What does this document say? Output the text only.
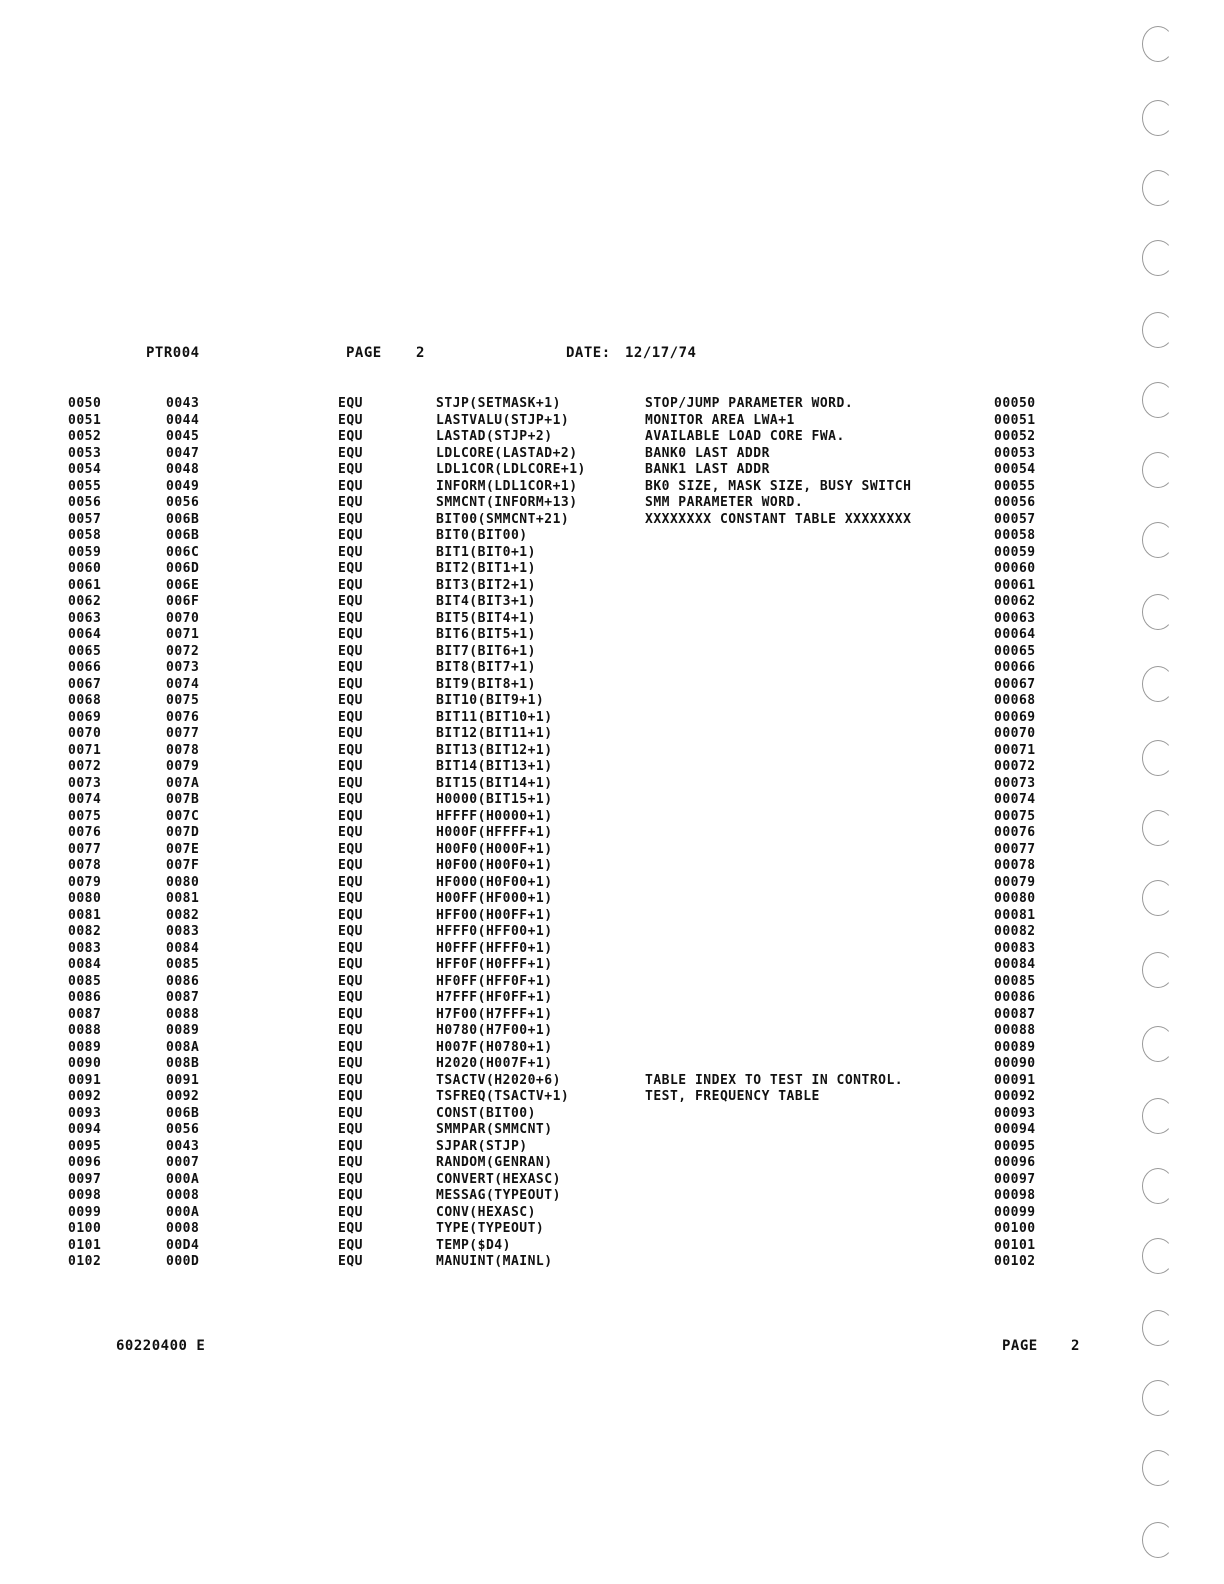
PTR004	PAGE 2	DATE: 12/17/74
0050	0043	EQU	STJP(SETMASK+1)	STOP/JUMP PARAMETER WORD.	00050
0051	0044	EQU	LASTVALU(STJP+1)	MONITOR AREA LWA+1	00051
0052	0045	EQU	LASTAD(STJP+2)	AVAILABLE LOAD CORE FWA.	00052
0053	0047	EQU	LDLCORE(LASTAD+2)	BANK0 LAST ADDR	00053
0054	0048	EQU	LDL1COR(LDLCORE+1)	BANK1 LAST ADDR	00054
0055	0049	EQU	INFORM(LDL1COR+1)	BK0 SIZE, MASK SIZE, BUSY SWITCH	00055
0056	0056	EQU	SMMCNT(INFORM+13)	SMM PARAMETER WORD.	00056
0057	006B	EQU	BIT00(SMMCNT+21)	XXXXXXXX CONSTANT TABLE XXXXXXXX	00057
0058	006B	EQU	BIT0(BIT00)	00058
0059	006C	EQU	BIT1(BIT0+1)	00059
0060	006D	EQU	BIT2(BIT1+1)	00060
0061	006E	EQU	BIT3(BIT2+1)	00061
0062	006F	EQU	BIT4(BIT3+1)	00062
0063	0070	EQU	BIT5(BIT4+1)	00063
0064	0071	EQU	BIT6(BIT5+1)	00064
0065	0072	EQU	BIT7(BIT6+1)	00065
0066	0073	EQU	BIT8(BIT7+1)	00066
0067	0074	EQU	BIT9(BIT8+1)	00067
0068	0075	EQU	BIT10(BIT9+1)	00068
0069	0076	EQU	BIT11(BIT10+1)	00069
0070	0077	EQU	BIT12(BIT11+1)	00070
0071	0078	EQU	BIT13(BIT12+1)	00071
0072	0079	EQU	BIT14(BIT13+1)	00072
0073	007A	EQU	BIT15(BIT14+1)	00073
0074	007B	EQU	H0000(BIT15+1)	00074
0075	007C	EQU	HFFFF(H0000+1)	00075
0076	007D	EQU	H000F(HFFFF+1)	00076
0077	007E	EQU	H00F0(H000F+1)	00077
0078	007F	EQU	H0F00(H00F0+1)	00078
0079	0080	EQU	HF000(H0F00+1)	00079
0080	0081	EQU	H00FF(HF000+1)	00080
0081	0082	EQU	HFF00(H00FF+1)	00081
0082	0083	EQU	HFFF0(HFF00+1)	00082
0083	0084	EQU	H0FFF(HFFF0+1)	00083
0084	0085	EQU	HFF0F(H0FFF+1)	00084
0085	0086	EQU	HF0FF(HFF0F+1)	00085
0086	0087	EQU	H7FFF(HF0FF+1)	00086
0087	0088	EQU	H7F00(H7FFF+1)	00087
0088	0089	EQU	H0780(H7F00+1)	00088
0089	008A	EQU	H007F(H0780+1)	00089
0090	008B	EQU	H2020(H007F+1)	00090
0091	0091	EQU	TSACTV(H2020+6)	TABLE INDEX TO TEST IN CONTROL.	00091
0092	0092	EQU	TSFREQ(TSACTV+1)	TEST, FREQUENCY TABLE	00092
0093	006B	EQU	CONST(BIT00)	00093
0094	0056	EQU	SMMPAR(SMMCNT)	00094
0095	0043	EQU	SJPAR(STJP)	00095
0096	0007	EQU	RANDOM(GENRAN)	00096
0097	000A	EQU	CONVERT(HEXASC)	00097
0098	0008	EQU	MESSAG(TYPEOUT)	00098
0099	000A	EQU	CONV(HEXASC)	00099
0100	0008	EQU	TYPE(TYPEOUT)	00100
0101	00D4	EQU	TEMP($D4)	00101
0102	000D	EQU	MANUINT(MAINL)	00102
60220400 E	PAGE 2
